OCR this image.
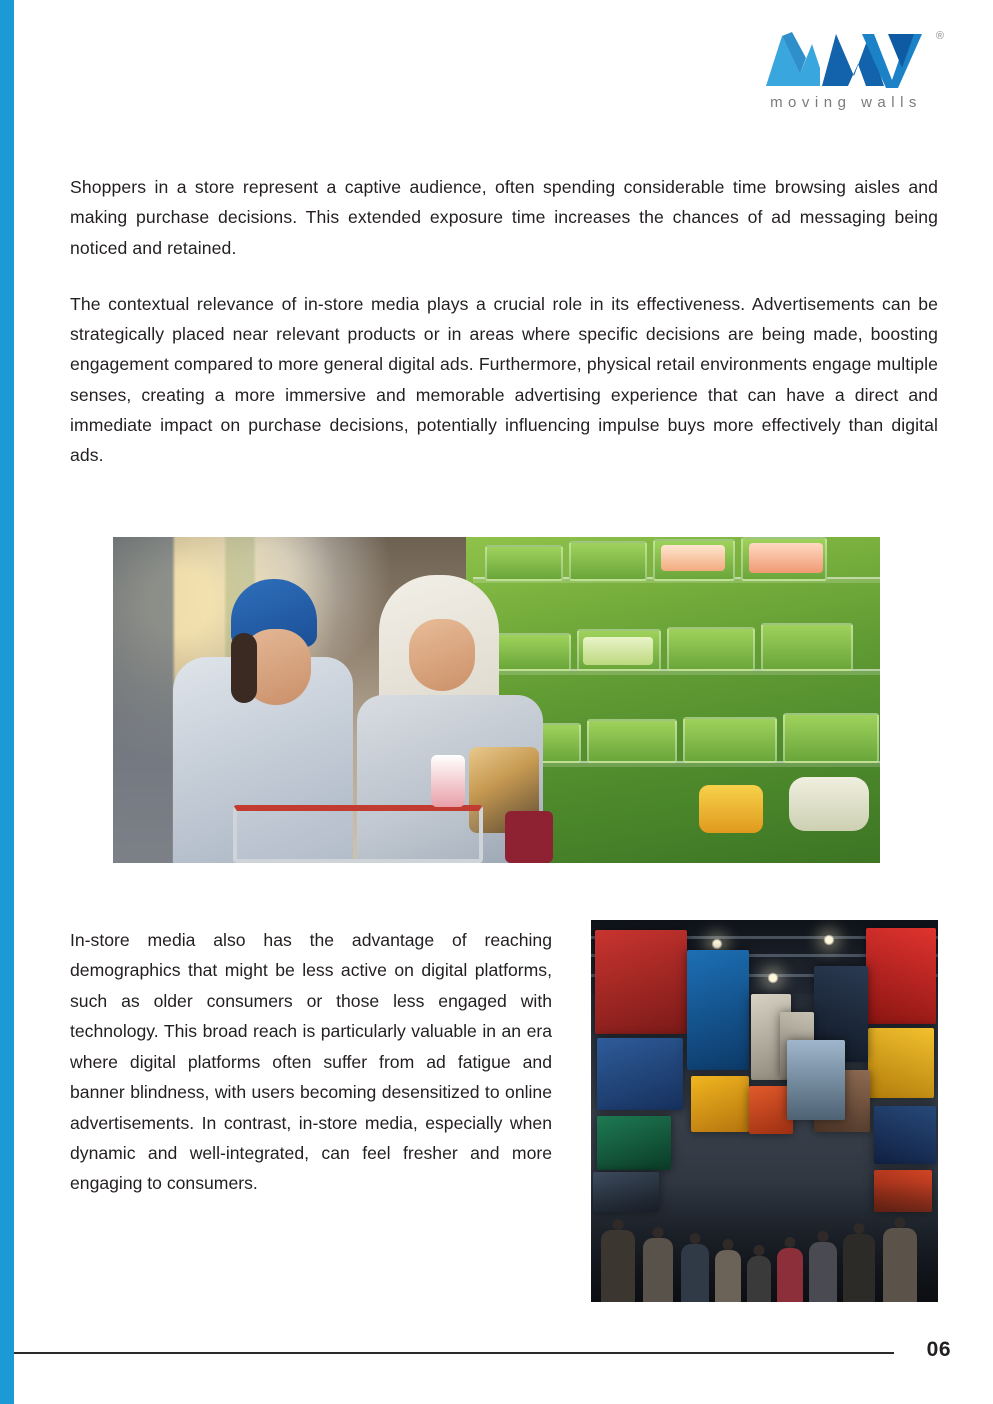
®
moving walls

Shoppers in a store represent a captive audience, often spending considerable time browsing aisles and making purchase decisions. This extended exposure time increases the chances of ad messaging being noticed and retained.

The contextual relevance of in-store media plays a crucial role in its effectiveness. Advertisements can be strategically placed near relevant products or in areas where specific decisions are being made, boosting engagement compared to more general digital ads. Furthermore, physical retail environments engage multiple senses, creating a more immersive and memorable advertising experience that can have a direct and immediate impact on purchase decisions, potentially influencing impulse buys more effectively than digital ads.

In-store media also has the advantage of reaching demographics that might be less active on digital platforms, such as older consumers or those less engaged with technology. This broad reach is particularly valuable in an era where digital platforms often suffer from ad fatigue and banner blindness, with users becoming desensitized to online advertisements. In contrast, in-store media, especially when dynamic and well-integrated, can feel fresher and more engaging to consumers.

06
